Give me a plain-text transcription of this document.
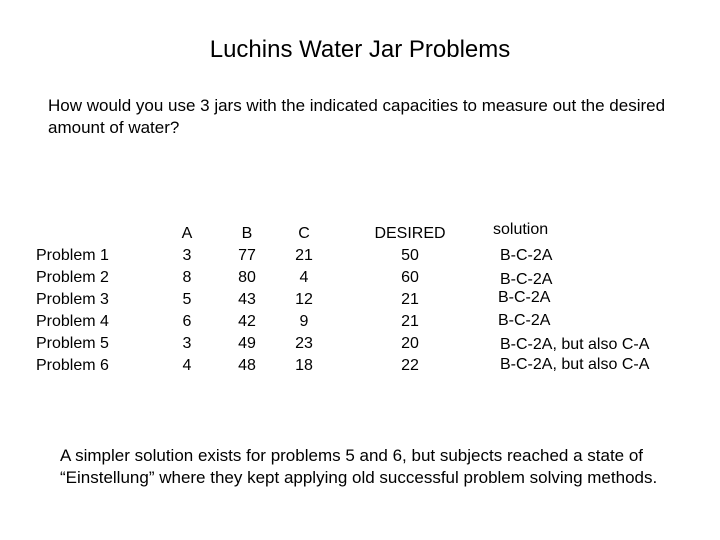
Luchins Water Jar Problems
How would you use 3 jars with the indicated capacities to measure out the desired amount of water?
Problem 1
Problem 2
Problem 3
Problem 4
Problem 5
Problem 6
A
3
8
5
6
3
4
B
77
80
43
42
49
48
C
21
4
12
9
23
18
DESIRED
50
60
21
21
20
22
solution
B-C-2A
B-C-2A
B-C-2A
B-C-2A
B-C-2A, but also C-A
B-C-2A, but also C-A
A simpler solution exists for problems 5 and 6, but subjects reached a state of “Einstellung” where they kept applying old successful problem solving methods.
